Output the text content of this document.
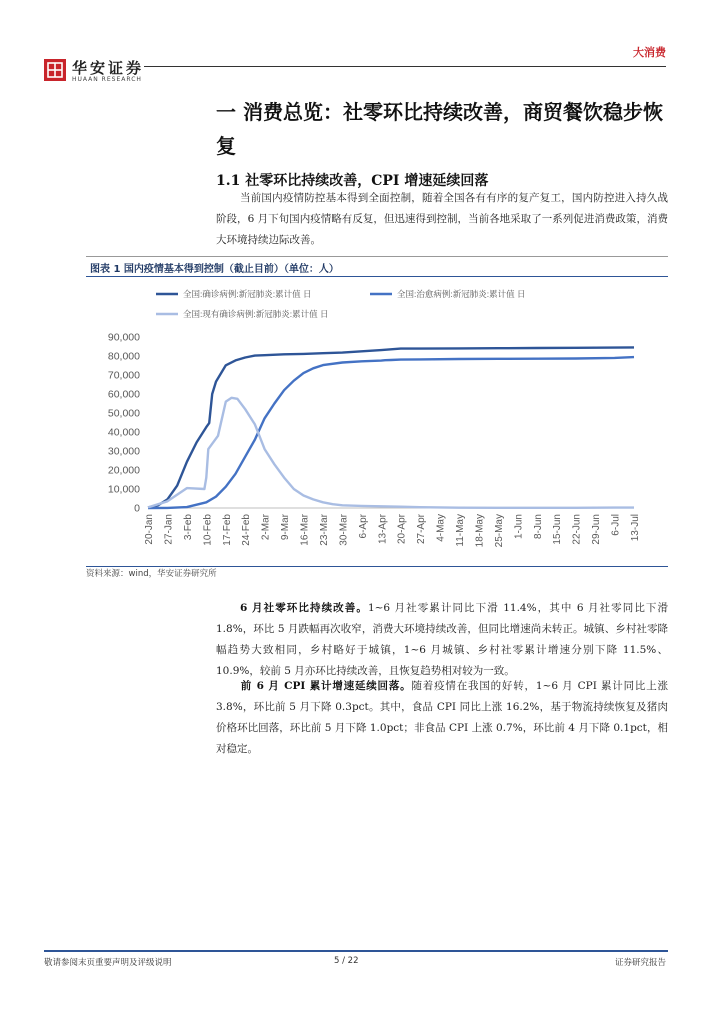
华安证券
HUAAN RESEARCH
大消费
一 消费总览：社零环比持续改善，商贸餐饮稳步恢复
1.1 社零环比持续改善，CPI 增速延续回落
当前国内疫情防控基本得到全面控制，随着全国各有有序的复产复工，国内防控进入持久战阶段，6 月下旬国内疫情略有反复，但迅速得到控制，当前各地采取了一系列促进消费政策，消费大环境持续边际改善。
图表 1 国内疫情基本得到控制（截止目前）（单位：人）
0
10,000
20,000
30,000
40,000
50,000
60,000
70,000
80,000
90,000
20-Jan 27-Jan 3-Feb 10-Feb 17-Feb 24-Feb 2-Mar 9-Mar 16-Mar 23-Mar 30-Mar 6-Apr 13-Apr 20-Apr 27-Apr 4-May 11-May 18-May 25-May 1-Jun 8-Jun 15-Jun 22-Jun 29-Jun 6-Jul 13-Jul
全国:确诊病例:新冠肺炎:累计值 日	全国:治愈病例:新冠肺炎:累计值 日
全国:现有确诊病例:新冠肺炎:累计值 日
资料来源：wind，华安证券研究所
6 月社零环比持续改善。1~6 月社零累计同比下滑 11.4%，其中 6 月社零同比下滑 1.8%，环比 5 月跌幅再次收窄，消费大环境持续改善，但同比增速尚未转正。城镇、乡村社零降幅趋势大致相同，乡村略好于城镇，1~6 月城镇、乡村社零累计增速分别下降 11.5%、10.9%，较前 5 月亦环比持续改善，且恢复趋势相对较为一致。
前 6 月 CPI 累计增速延续回落。随着疫情在我国的好转，1~6 月 CPI 累计同比上涨 3.8%，环比前 5 月下降 0.3pct。其中，食品 CPI 同比上涨 16.2%，基于物流持续恢复及猪肉价格环比回落，环比前 5 月下降 1.0pct；非食品 CPI 上涨 0.7%，环比前 4 月下降 0.1pct，相对稳定。
敬请参阅末页重要声明及评级说明	5 / 22	证券研究报告
